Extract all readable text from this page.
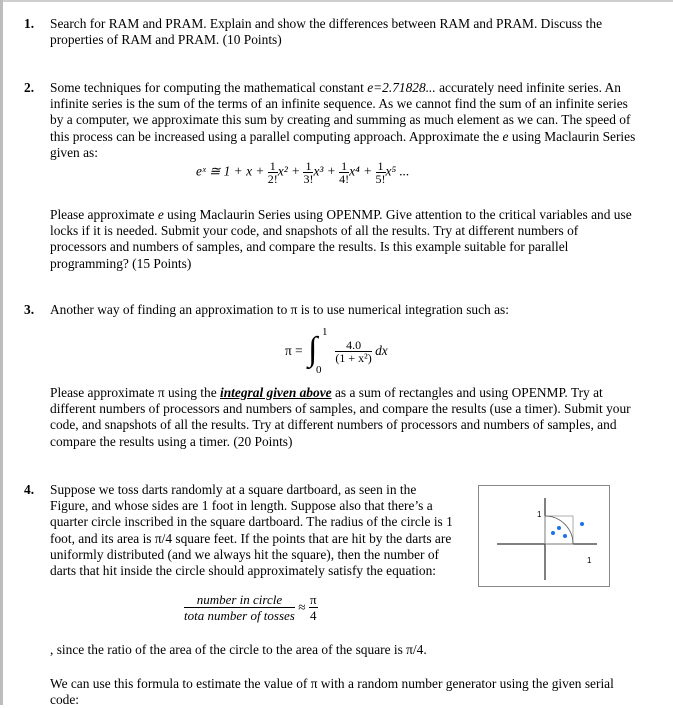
1. Search for RAM and PRAM. Explain and show the differences between RAM and PRAM. Discuss the properties of RAM and PRAM. (10 Points)
2. Some techniques for computing the mathematical constant e=2.71828... accurately need infinite series. An infinite series is the sum of the terms of an infinite sequence. As we cannot find the sum of an infinite series by a computer, we approximate this sum by creating and summing as much element as we can. The speed of this process can be increased using a parallel computing approach. Approximate the e using Maclaurin Series given as:
eˣ ≅ $1 + x + \frac{1}{2!} x^2 + \frac{1}{3!} x^3 + \frac{1}{4!} x^4 + \frac{1}{5!} x^5$ ...
Please approximate e using Maclaurin Series using OPENMP. Give attention to the critical variables and use locks if it is needed. Submit your code, and snapshots of all the results. Try at different numbers of processors and numbers of samples, and compare the results. Is this example suitable for parallel programming? (15 Points)
3. Another way of finding an approximation to π is to use numerical integration such as:
π = ∫ 1
0

$\frac{4.0}{\text{(1 + x²)}}$ dx
Please approximate π using the integral given above as a sum of rectangles and using OPENMP. Try at different numbers of processors and numbers of samples, and compare the results (use a timer). Submit your code, and snapshots of all the results. Try at different numbers of processors and numbers of samples, and compare the results using a timer. (20 Points)
4. Suppose we toss darts randomly at a square dartboard, as seen in the Figure, and whose sides are 1 foot in length. Suppose also that there’s a quarter circle inscribed in the square dartboard. The radius of the circle is 1 foot, and its area is π/4 square feet. If the points that are hit by the darts are uniformly distributed (and we always hit the square), then the number of darts that hit inside the circle should approximately satisfy the equation:
1
1
$\frac{\text{number in circle}}{\text{tota number of tosses}} \approx \frac{\pi}{4}$
, since the ratio of the area of the circle to the area of the square is π/4.
We can use this formula to estimate the value of π with a random number generator using the given serial code:
